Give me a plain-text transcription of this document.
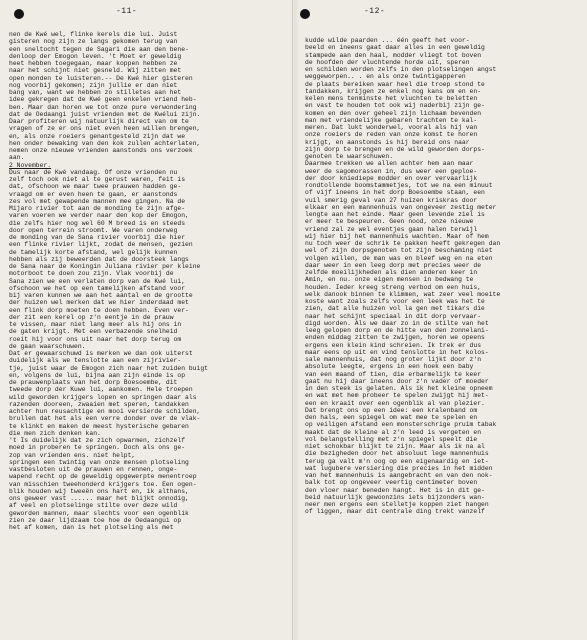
-11-
nen de Kwé wel, flinke kerels die lui. Juist
gisteren nog zijn ze langs gekomen terug van
een sneltocht tegen de Sagari die aan den bene-
denloop der Emogon leven. 't Moet er geweldig
heet hebben toegegaan, maar koppen hebben ze
naar het schijnt niet gesneld. Wij zitten met
open monden te luisteren.-- De Kwé hier gisteren
nog voorbij gekomen; zijn jullie er dan niet
bang van, want we hebben zo stilletes aan het
idee gekregen dat de Kwé geen enkelen vriend heb-
ben. Maar dan horen we tot onze pure verwondering
dat de Oedaangi juist vrienden met de Kwélui zijn.
Daar profiteren wij natuurlijk direct van om te
vragen of ze er ons niet even heen willen brengen,
en, als onze roeiers genantgesteld zijn dat we
hen onder bewaking van den kok zullen achterlaten,
nemen onze nieuwe vrienden aanstonds ons verzoek
aan.
2 November.
Dus naar de Kwé vandaag. Of onze vrienden nu
zelf toch ook niet al te gerust waren, feit is
dat, ofschoon we maar twee prauwen hadden ge-
vraagd om er even heen te gaan, er aanstonds
zes vol met gewapende mannen mee gingen. Na de
Mijaro rivier tot aan de monding te zijn afge-
varen voeren we verder naar den kop der Emogon,
die zelfs hier nog wel 60 M breed is en steeds
door open terrein stroomt. We varen onderweg
de monding van de Sana rivier voorbij die hier
een flinke rivier lijkt, zodat de mensen, gezien
de tamelijk korte afstand, wel gelijk kunnen
hebben als zij beweerden dat de doorsteek langs
de Sana naar de Koningin Juliana rivier per kleine
motorboot te doen zou zijn. Vlak voorbij de
Sana zien we een verlaten dorp van de Kwé lui,
ofschoon we het op een tamelijken afstand voor
bij varen kunnen we aan het aantal en de grootte
der huizen wel merken dat we hier inderdaad met
een flink dorp moeten te doen hebben. Even ver-
der zit een kerel op z'n eentje in de prauw
te vissen, maar niet lang meer als hij ons in
de gaten krijgt. Met een verbazende snelheid
roeit hij voor ons uit naar het dorp terug om
de gaan waarschuwen.
Dat er gewaarschuwd is merken we dan ook uiterst
duidelijk als we tenslotte aan een zijrivier-
tje, juist waar de Emogon zich naar het zuiden buigt
en, volgens de lui, bijna aan zijn einde is op
de prauwenplaats van het dorp Boesoembe, dit
tweede dorp der Kuwe lui, aankomen. Hele troepen
wild geworden krijgers lopen en springen daar als
razenden dooreen, zwaaien met speren, tandakken
achter hun reusachtige en mooi versierde schilden,
brullen dat het als een verre donder over de vlak-
te klinkt en maken de meest hysterische gebaren
die men zich denken kan.
't Is duidelijk dat ze zich opwarmen, zichzelf
moed in proberen te springen. Doch als ons ge-
zop van vrienden ens. niet helpt,
springen een twintig van onze mensen plotseling
vastbesloten uit de prauwen en rennen, onge-
wapend recht op de geweldig opgewerpte menentroep
van misschien tweehonderd krijgers toe. Een ogen-
blik houden wij tweeën ons hart en, ik althans,
ons geweer vast ...... maar het blijkt onnodig,
af veel en plotselinge stilte over deze wild
geworden mannen, maar slechts voor een ogenblik
zien ze daar lijdzaam toe hoe de Oedaangui op
het af komen, dan is het plotseling als met
-12-
kudde wilde paarden ... één geeft het voor-
beeld en ineens gaat daar alles in een geweldig
stampede aan den haal, modder vliegt tot boven
de hoofden der vluchtende horde uit, speren
en schilden worden zelfs in den plotselingen angst
weggeworpen.. . en als onze twintigapperen
de plaats bereiken waar heel die troep stond te
tandakken, krijgen ze enkel nog kans om en en-
kelen mens tenminste het vluchten te beletten
en vast te houden tot ook wij naderbij zijn ge-
komen en den over geheel zijn lichaam bevenden
man met vriendelijke gebaren trachten te kal-
meren. Dat lukt wonderwel, vooral als hij van
onze roeiers de reden van onze komst te horen
krijgt, en aanstonds is hij bereid ons naar
zijn dorp te brengen en de wild geworden dorps-
genoten te waarschuwen.
Daarmee trekken we allen achter hem aan maar
weer de sagomorassen in, dus weer een geploe-
der door kniediepe modder en over vervaarlijk
rondtollende boomstammetjes, tot we na een minuut
of vijf ineens in het dorp Boesoembe staan, een
vuil smerig geval van 27 huizen kriskras door
elkaar en een mannenhuis van ongeveer zestig meter
lengte aan het einde. Maar geen levende ziel is
er meer te bespeuren. Geen nood, onze nieuwe
vriend zal ze wel eventjes gaan halen terwijl
wij hier bij het mannenhuis wachten. Maar of hem
nu toch weer de schrik te pakken heeft gekregen dan
wel of zijn dorpsgenoten tot zijn beschaming niet
volgen willen, de man was en bleef weg en na eten
daar weer in een leeg dorp met precies weer de
zelfde moeilijkheden als dien anderen keer in
Amin, en nu. onze eigen mensen in bedwang te
houden. Ieder kreeg streng verbod om een huis,
welk danook binnen te klimmen, wat zeer veel moeite
koste want zoals zelfs voor een leek was het te
zien, dat alle huizen vol la gen met tikars die
naar het schijnt speciaal in dit dorp vervaar-
digd worden. Als we daar zo in de stilte van het
leeg gelopen dorp en de hitte van den zonnelani-
enden middag zitten te zwijgen, horen we opeens
ergens een klein kind schreien. Ik trek er dus
maar eens op uit en vind tenslotte in het kolos-
sale mannenhuis, dat nog groter lijkt door z'n
absolute leegte, ergens in een hoek een baby
van een maand of tien, die erbarmelijk te keer
gaat nu hij daar ineens door z'n vader of moeder
in den steek is gelaten. Als ik het kleine opneem
en wat met hem probeer te spelen zwijgt hij met-
een en kraait over een ogenblik al van plezier.
Dat brengt ons op een idee: een kralenband om
den hals, een spiegel om wat mee te spelen en
op veiligen afstand een monsterschrige pruim tabak
maakt dat de kleine al z'n leed is vergeten en
vol belangstelling met z'n spiegel speelt die
niet schokbar blijkt te zijn. Maar als ik na al
die bezigheden door het absoluut lege mannenhuis
terug ga valt m'n oog op een eigenaardig en iet-
wat lugubere versiering die precies in het midden
van het mannenhuis is aangebracht en van den nok-
balk tot op ongeveer veertig centimeter boven
den vloer naar beneden hangt. Het is in dit ge-
beid natuurlijk gewoonzins iets bijzonders wan-
neer men ergens een stelletje koppen ziet hangen
of liggen, maar dit centrale ding trekt vanzelf
